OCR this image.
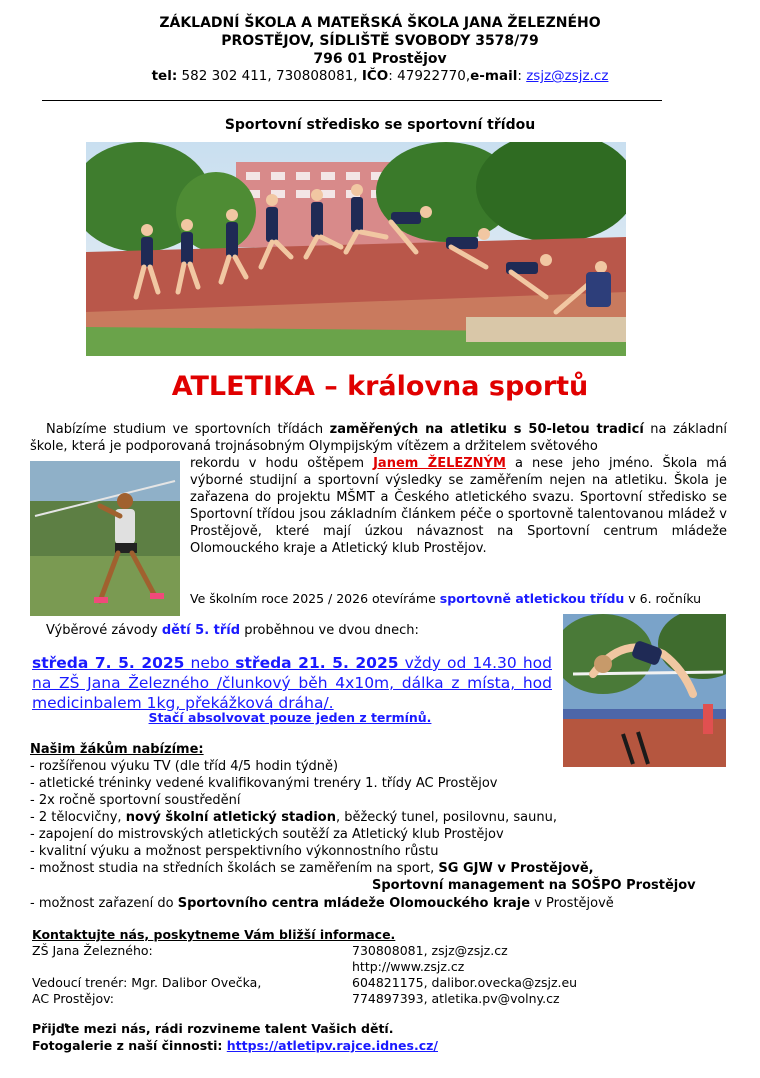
ZÁKLADNÍ ŠKOLA A MATEŘSKÁ ŠKOLA JANA ŽELEZNÉHO
PROSTĚJOV, SÍDLIŠTĚ SVOBODY 3578/79
796 01 Prostějov
tel: 582 302 411, 730808081, IČO: 47922770,e-mail: zsjz@zsjz.cz
Sportovní středisko se sportovní třídou
ATLETIKA – královna sportů
Nabízíme studium ve sportovních třídách zaměřených na atletiku s 50-letou tradicí na základní škole, která je podporovaná trojnásobným Olympijským vítězem a držitelem světového
rekordu v hodu oštěpem Janem ŽELEZNÝM a nese jeho jméno. Škola má výborné studijní a sportovní výsledky se zaměřením nejen na atletiku. Škola je zařazena do projektu MŠMT a Českého atletického svazu. Sportovní středisko se Sportovní třídou jsou základním článkem péče o sportovně talentovanou mládež v Prostějově, které mají úzkou návaznost na Sportovní centrum mládeže Olomouckého kraje a Atletický klub Prostějov.
Ve školním roce 2025 / 2026 otevíráme sportovně atletickou třídu v 6. ročníku
Výběrové závody dětí 5. tříd proběhnou ve dvou dnech:
středa 7. 5. 2025 nebo středa 21. 5. 2025 vždy od 14.30 hod na ZŠ Jana Železného /člunkový běh 4x10m, dálka z místa, hod medicinbalem 1kg, překážková dráha/.
Stačí absolvovat pouze jeden z termínů.
Našim žákům nabízíme:
- rozšířenou výuku TV (dle tříd 4/5 hodin týdně)
- atletické tréninky vedené kvalifikovanými trenéry 1. třídy AC Prostějov
- 2x ročně sportovní soustředění
- 2 tělocvičny, nový školní atletický stadion, běžecký tunel, posilovnu, saunu,
- zapojení do mistrovských atletických soutěží za Atletický klub Prostějov
- kvalitní výuku a možnost perspektivního výkonnostního růstu
- možnost studia na středních školách se zaměřením na sport, SG GJW v Prostějově,
Sportovní management na SOŠPO Prostějov
- možnost zařazení do Sportovního centra mládeže Olomouckého kraje v Prostějově
Kontaktujte nás, poskytneme Vám bližší informace.
ZŠ Jana Železného:	730808081, zsjz@zsjz.cz
http://www.zsjz.cz
Vedoucí trenér: Mgr. Dalibor Ovečka,
AC Prostějov:
604821175, dalibor.ovecka@zsjz.eu
774897393, atletika.pv@volny.cz
Přijďte mezi nás, rádi rozvineme talent Vašich dětí.
Fotogalerie z naší činnosti: https://atletipv.rajce.idnes.cz/
